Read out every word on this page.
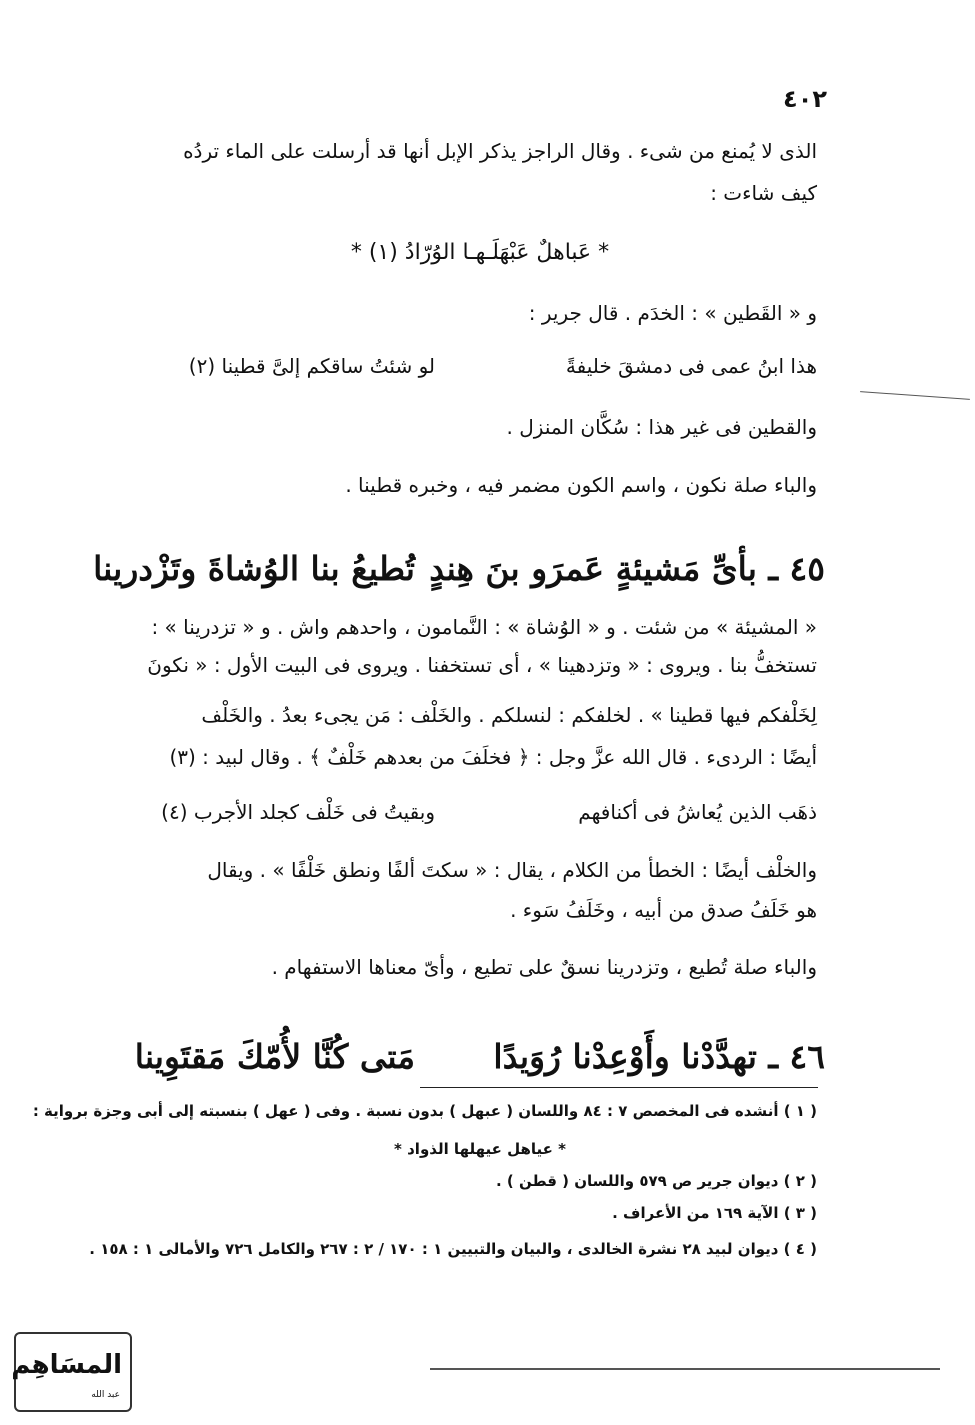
٤٠٢
الذى لا يُمنع من شىء . وقال الراجز يذكر الإبل أنها قد أرسلت على الماء تردُه
كيف شاءت :
* عَباهلٌ عَبْهَلَـهـا الوُرّادُ (١) *
و « القَطين » : الخدَم . قال جرير :
هذا ابنُ عمى فى دمشقَ خليفةً
لو شئتُ ساقكم إلىَّ قطينا (٢)
والقطين فى غير هذا : سُكَّان المنزل .
والباء صلة نكون ، واسم الكون مضمر فيه ، وخبره قطينا .
٤٥ ـ بأىِّ مَشيئةٍ عَمرَو بنَ هِندٍ
تُطيعُ بنا الوُشاةَ وتَزْدرينا
« المشيئة » من شئت . و « الوُشاة » : النَّمامون ، واحدهم واش . و « تزدرينا » :
تستخفُّ بنا . ويروى : « وتزدهينا » ، أى تستخفنا . ويروى فى البيت الأول : « نكونَ
لِخَلْفكم فيها قطينا » . لخلفكم : لنسلكم . والخَلْف : مَن يجىء بعدُ . والخَلْف
أيضًا : الردىء . قال الله عزَّ وجل : ﴿ فخلَفَ من بعدهم خَلْفٌ ﴾ . وقال لبيد : (٣)
ذهَب الذين يُعاشُ فى أكنافهم
وبقيتُ فى خَلْف كجلد الأجرب (٤)
والخلْف أيضًا : الخطأ من الكلام ، يقال : « سكتَ ألفًا ونطق خَلْفًا » . ويقال
هو خَلَفُ صدق من أبيه ، وخَلَفُ سَوء .
والباء صلة تُطيع ، وتزدرينا نسقٌ على تطيع ، وأىّ معناها الاستفهام .
٤٦ ـ تهدَّدْنا وأَوْعِدْنا رُوَيدًا
مَتى كُنَّا لأُمّكَ مَقتَوِينا
( ١ ) أنشده فى المخصص ٧ : ٨٤ واللسان ( عبهل ) بدون نسبة . وفى ( عهل ) بنسبته إلى أبى وجزة برواية :
* عياهل عيهلها الذواد *
( ٢ ) ديوان جرير ص ٥٧٩ واللسان ( قطن ) .
( ٣ ) الآية ١٦٩ من الأعراف .
( ٤ ) ديوان لبيد ٢٨ نشرة الخالدى ، والبيان والتبيين ١ : ١٧٠ / ٢ : ٢٦٧ والكامل ٧٢٦ والأمالى ١ : ١٥٨ .
المسَاهِم
عبد الله
